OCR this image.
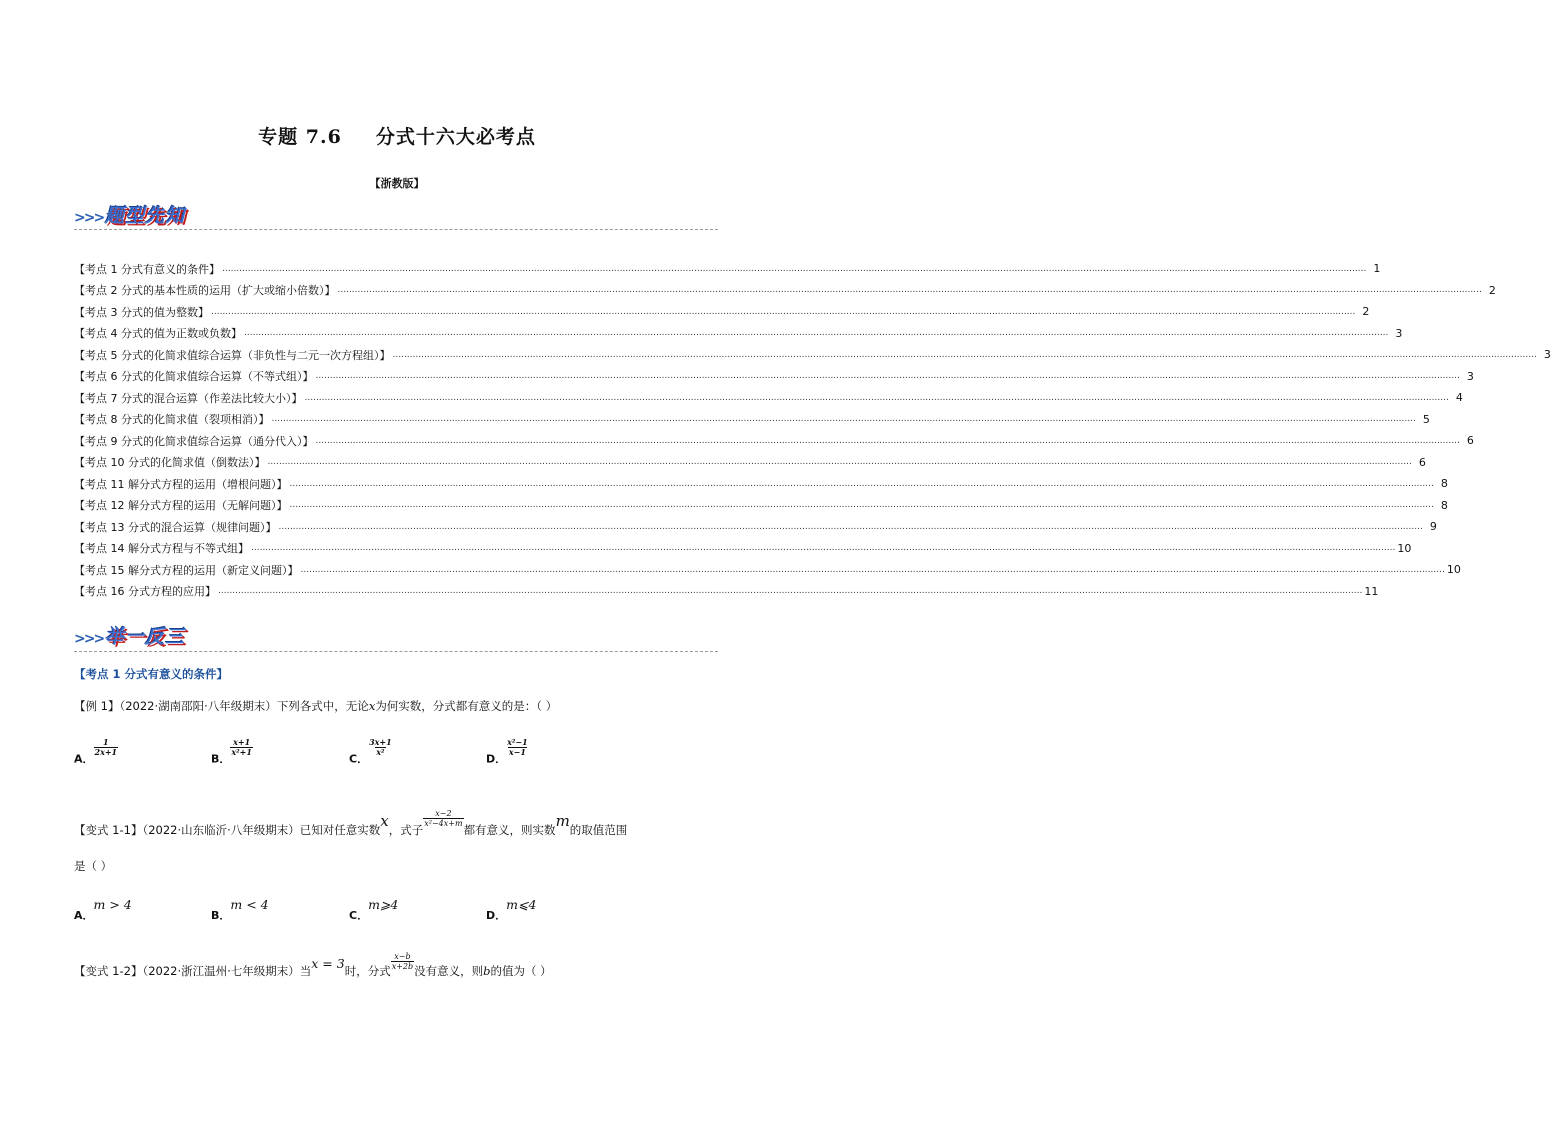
专题 7.6 分式十六大必考点
【浙教版】
>>> 题型先知
【考点 1 分式有意义的条件】 ................................................................................................................................................................................................................................................................................................................................................................................................................ 1
【考点 2 分式的基本性质的运用（扩大或缩小倍数）】 ................................................................................................................................................................................................................................................................................................................................................................................................................ 2
【考点 3 分式的值为整数】 ................................................................................................................................................................................................................................................................................................................................................................................................................ 2
【考点 4 分式的值为正数或负数】 ................................................................................................................................................................................................................................................................................................................................................................................................................ 3
【考点 5 分式的化简求值综合运算（非负性与二元一次方程组）】 ................................................................................................................................................................................................................................................................................................................................................................................................................ 3
【考点 6 分式的化简求值综合运算（不等式组）】 ................................................................................................................................................................................................................................................................................................................................................................................................................ 3
【考点 7 分式的混合运算（作差法比较大小）】 ................................................................................................................................................................................................................................................................................................................................................................................................................ 4
【考点 8 分式的化简求值（裂项相消）】 ................................................................................................................................................................................................................................................................................................................................................................................................................ 5
【考点 9 分式的化简求值综合运算（通分代入）】 ................................................................................................................................................................................................................................................................................................................................................................................................................ 6
【考点 10 分式的化简求值（倒数法）】 ................................................................................................................................................................................................................................................................................................................................................................................................................ 6
【考点 11 解分式方程的运用（增根问题）】 ................................................................................................................................................................................................................................................................................................................................................................................................................ 8
【考点 12 解分式方程的运用（无解问题）】 ................................................................................................................................................................................................................................................................................................................................................................................................................ 8
【考点 13 分式的混合运算（规律问题）】 ................................................................................................................................................................................................................................................................................................................................................................................................................ 9
【考点 14 解分式方程与不等式组】 ................................................................................................................................................................................................................................................................................................................................................................................................................ 10
【考点 15 解分式方程的运用（新定义问题）】 ................................................................................................................................................................................................................................................................................................................................................................................................................ 10
【考点 16 分式方程的应用】 ................................................................................................................................................................................................................................................................................................................................................................................................................ 11
>>> 举一反三
【考点 1 分式有意义的条件】
【例 1】（2022·湖南邵阳·八年级期末）下列各式中，无论x为何实数，分式都有意义的是：（ ）
A．
$\frac{1}{2x+1}$
B．
$\frac{x+1}{\text{x²+1}}$
C．
$\frac{3x+1}{\text{x²}}$
D．
$\frac{\text{x²−1}}{x-1}$
【变式 1-1】（2022·山东临沂·八年级期末）已知对任意实数x，式子
$\frac{x-2}{\text{x²−4x+m}}$
都有意义，则实数m的取值范围
是（ ）
A．m > 4
B．m < 4
C．m⩾4
D．m⩽4
【变式 1-2】（2022·浙江温州·七年级期末）当x = 3时，分式 $\frac{x-b}{x+2b}$ 没有意义，则b的值为（ ）
